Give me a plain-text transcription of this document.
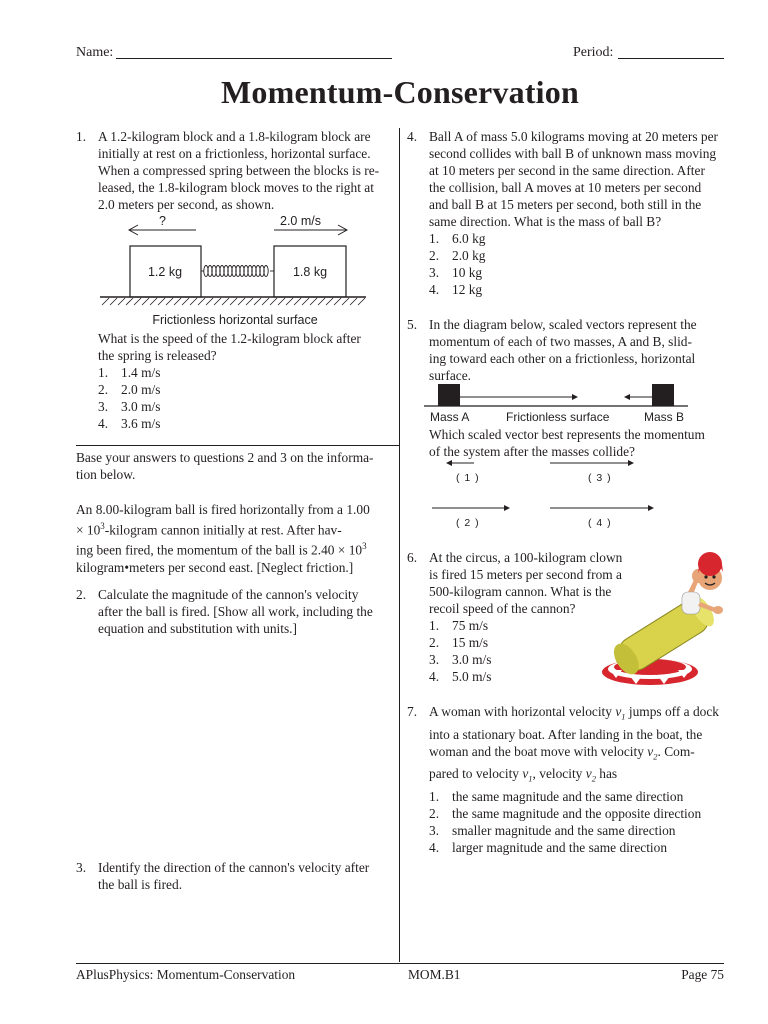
Name:	Period:
Momentum-Conservation
1. A 1.2-kilogram block and a 1.8-kilogram block are
initially at rest on a frictionless, horizontal surface.
When a compressed spring between the blocks is re-
leased, the 1.8-kilogram block moves to the right at
2.0 meters per second, as shown.
?	2.0 m/s
1.2 kg	1.8 kg
Frictionless horizontal surface
What is the speed of the 1.2-kilogram block after
the spring is released?
1. 1.4 m/s
2. 2.0 m/s
3. 3.0 m/s
4. 3.6 m/s
Base your answers to questions 2 and 3 on the informa-
tion below.
An 8.00-kilogram ball is fired horizontally from a 1.00
× $10^3$-kilogram cannon initially at rest. After hav-
ing been fired, the momentum of the ball is $2.40 \times 10^3$
kilogram•meters per second east. [Neglect friction.]
2. Calculate the magnitude of the cannon's velocity
after the ball is fired. [Show all work, including the
equation and substitution with units.]
3. Identify the direction of the cannon's velocity after
the ball is fired.
4. Ball A of mass 5.0 kilograms moving at 20 meters per
second collides with ball B of unknown mass moving
at 10 meters per second in the same direction. After
the collision, ball A moves at 10 meters per second
and ball B at 15 meters per second, both still in the
same direction. What is the mass of ball B?
1. 6.0 kg
2. 2.0 kg
3. 10 kg
4. 12 kg
5. In the diagram below, scaled vectors represent the
momentum of each of two masses, A and B, slid-
ing toward each other on a frictionless, horizontal
surface.
Mass A	Frictionless surface	Mass B
Which scaled vector best represents the momentum
of the system after the masses collide?
( 1 )	( 3 )
( 2 )	( 4 )
6. At the circus, a 100-kilogram clown
is fired 15 meters per second from a
500-kilogram cannon. What is the
recoil speed of the cannon?
1. 75 m/s
2. 15 m/s
3. 3.0 m/s
4. 5.0 m/s
7. A woman with horizontal velocity $v_1$ jumps off a dock
into a stationary boat. After landing in the boat, the
woman and the boat move with velocity $v_2$. Com-
pared to velocity $v_1$, velocity $v_2$ has
1. the same magnitude and the same direction
2. the same magnitude and the opposite direction
3. smaller magnitude and the same direction
4. larger magnitude and the same direction
APlusPhysics: Momentum-Conservation	MOM.B1	Page 75
